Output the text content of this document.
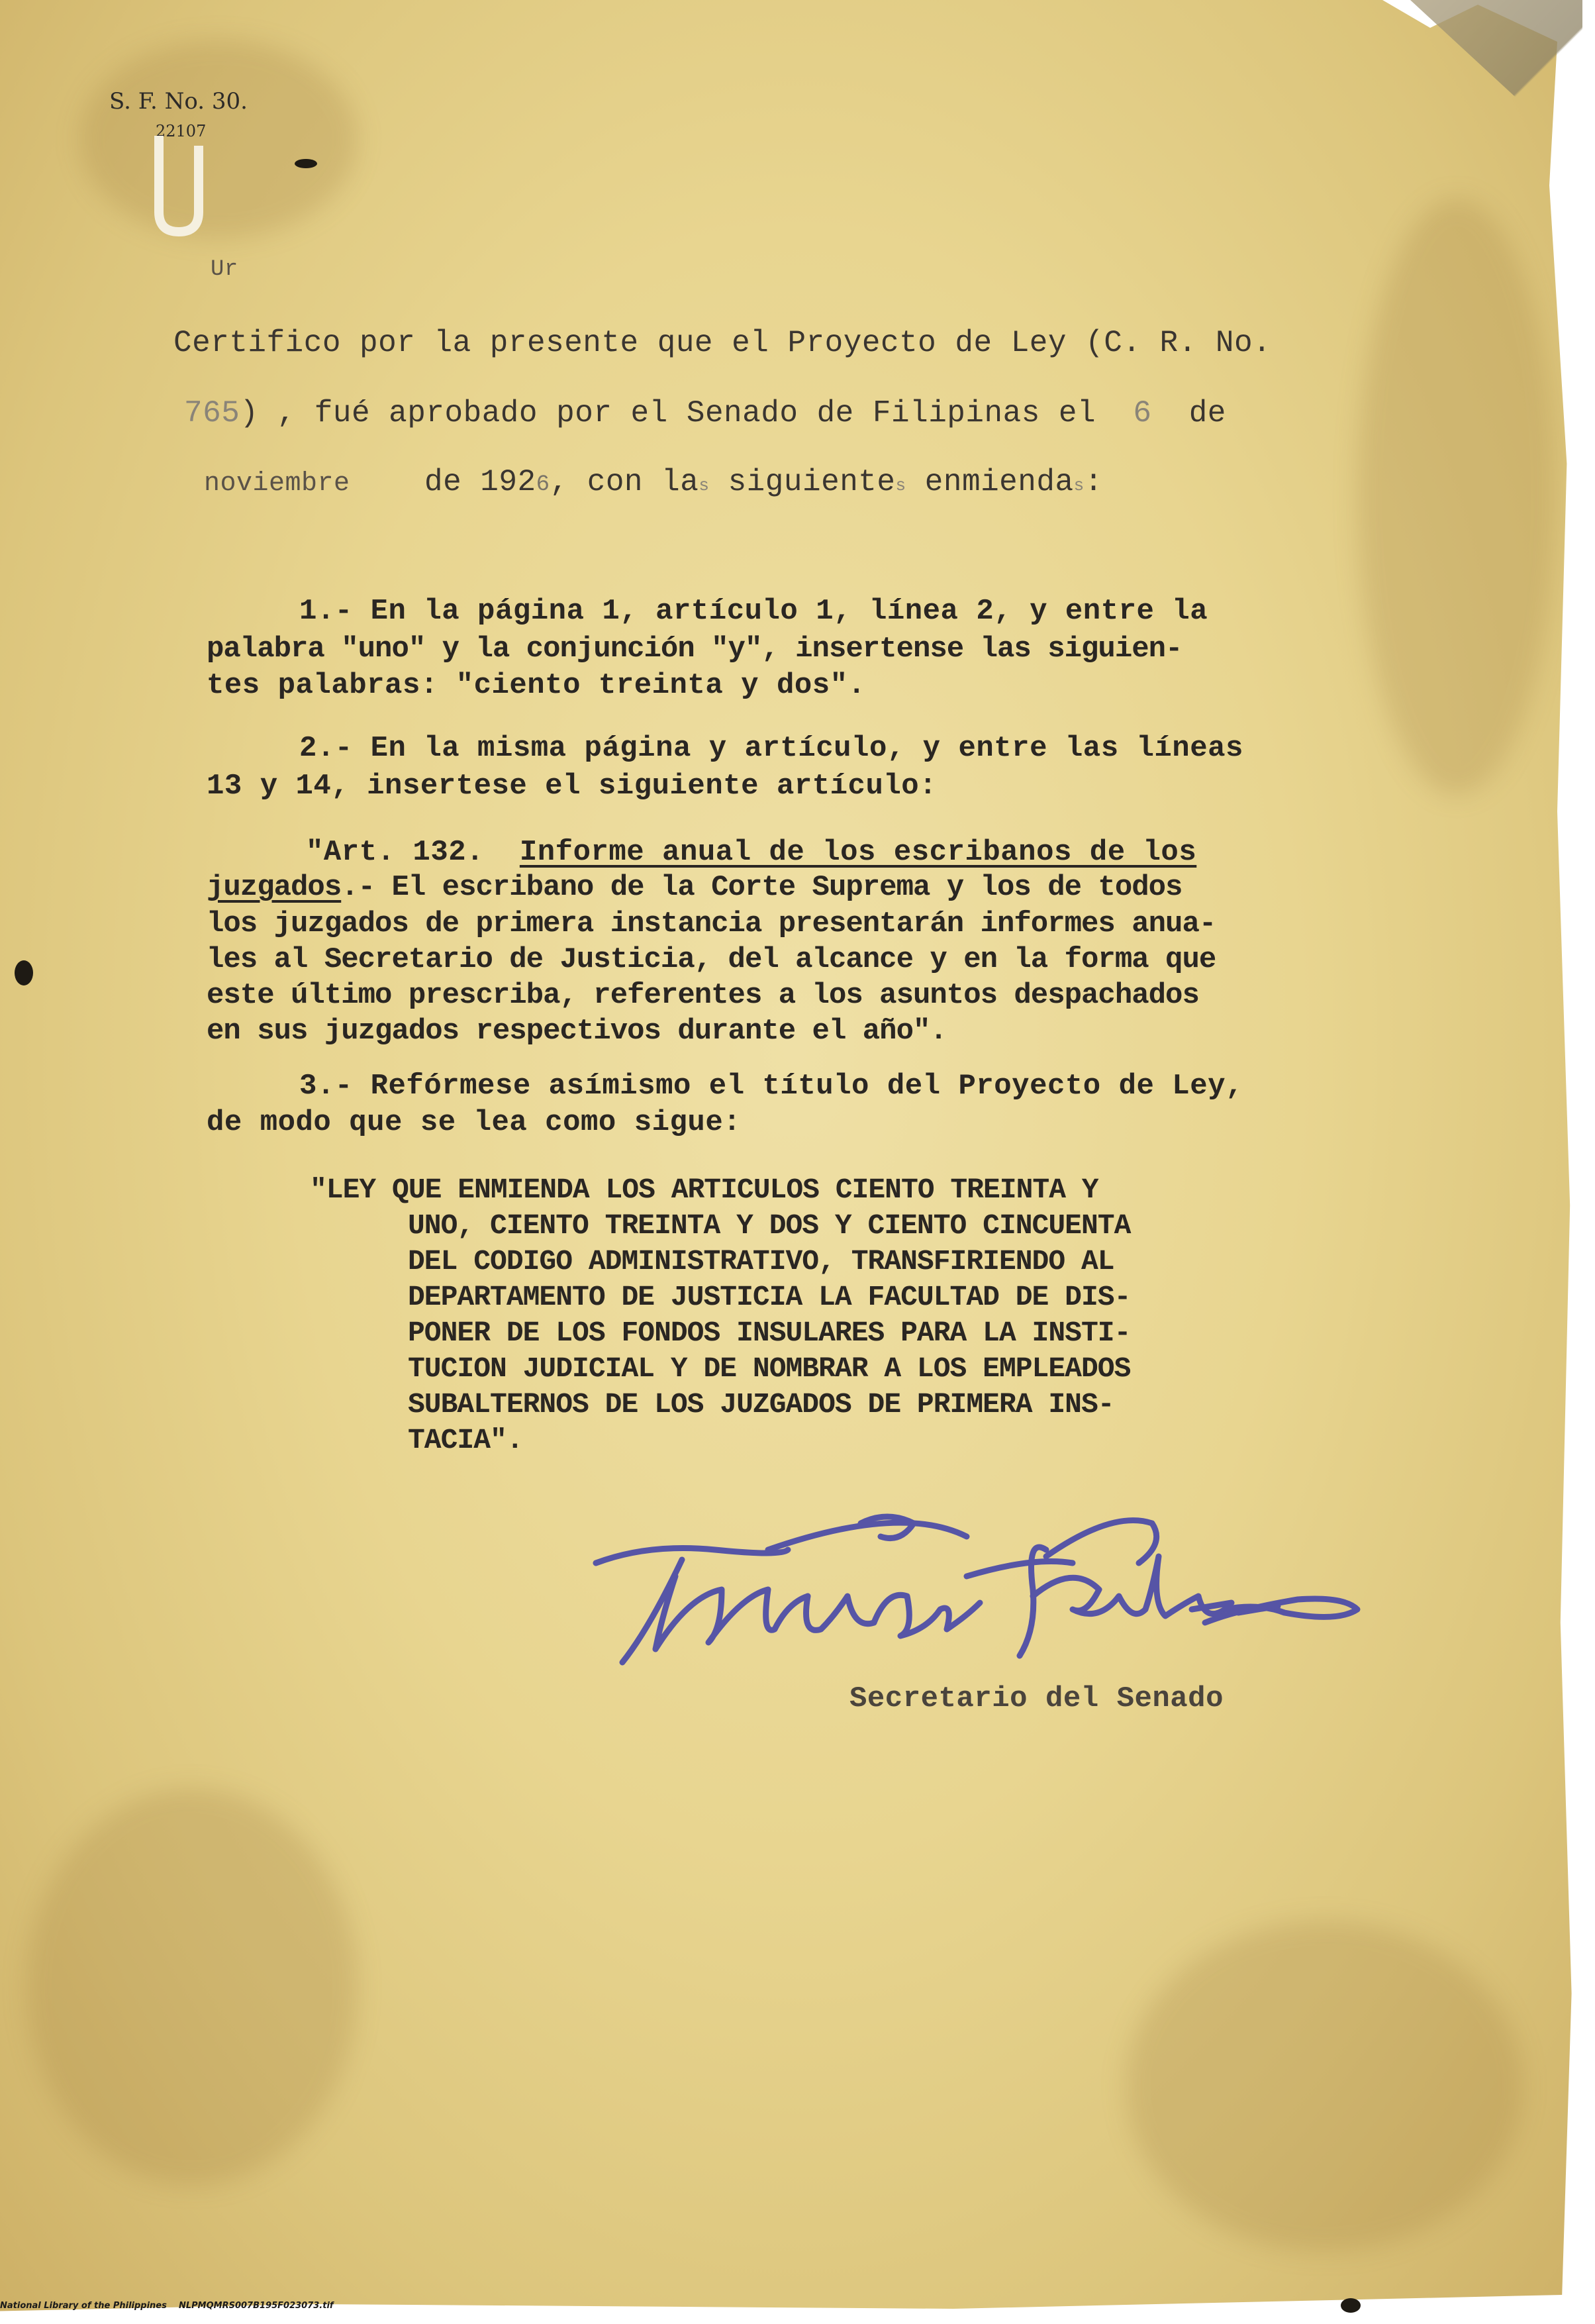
S. F. No. 30.
22107
Ur
Certifico por la presente que el Proyecto de Ley (C. R. No.
765) , fué aprobado por el Senado de Filipinas el 6 de
noviembre de 1926, con las siguientes enmiendas:
1.- En la página 1, artículo 1, línea 2, y entre la
palabra "uno" y la conjunción "y", insertense las siguien-
tes palabras: "ciento treinta y dos".
2.- En la misma página y artículo, y entre las líneas
13 y 14, insertese el siguiente artículo:
"Art. 132. Informe anual de los escribanos de los
juzgados.- El escribano de la Corte Suprema y los de todos
los juzgados de primera instancia presentarán informes anua-
les al Secretario de Justicia, del alcance y en la forma que
este último prescriba, referentes a los asuntos despachados
en sus juzgados respectivos durante el año".
3.- Refórmese asímismo el título del Proyecto de Ley,
de modo que se lea como sigue:
"LEY QUE ENMIENDA LOS ARTICULOS CIENTO TREINTA Y
UNO, CIENTO TREINTA Y DOS Y CIENTO CINCUENTA
DEL CODIGO ADMINISTRATIVO, TRANSFIRIENDO AL
DEPARTAMENTO DE JUSTICIA LA FACULTAD DE DIS-
PONER DE LOS FONDOS INSULARES PARA LA INSTI-
TUCION JUDICIAL Y DE NOMBRAR A LOS EMPLEADOS
SUBALTERNOS DE LOS JUZGADOS DE PRIMERA INS-
TACIA".
Secretario del Senado
National Library of the Philippines NLPMQMRS007B195F023073.tif
